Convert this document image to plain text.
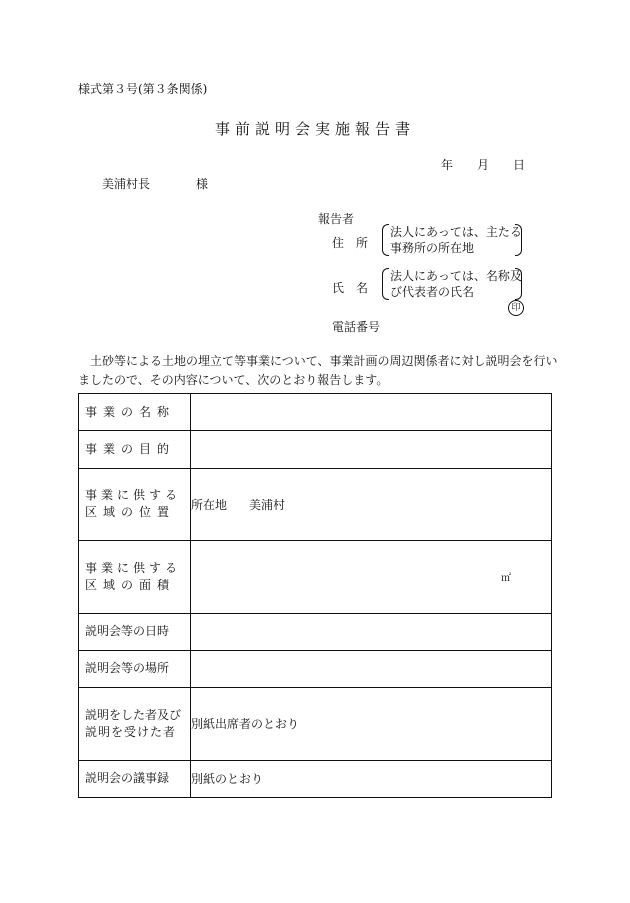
様式第３号(第３条関係)
事前説明会実施報告書
年 月 日
美浦村長	様
報告者
住　所
法人にあっては、主たる
事務所の所在地
氏　名
法人にあっては、名称及
び代表者の氏名
印
電話番号

　土砂等による土地の埋立て等事業について、事業計画の周辺関係者に対し説明会を行い

ましたので、その内容について、次のとおり報告します。

事業の名称	
事業の目的	

事業に供する
区域の位置	所在地 美浦村

事業に供する
区域の面積	㎡

説明会等の日時	
説明会等の場所	

説明をした者及び
説明を受けた者	別紙出席者のとおり
説明会の議事録	別紙のとおり
